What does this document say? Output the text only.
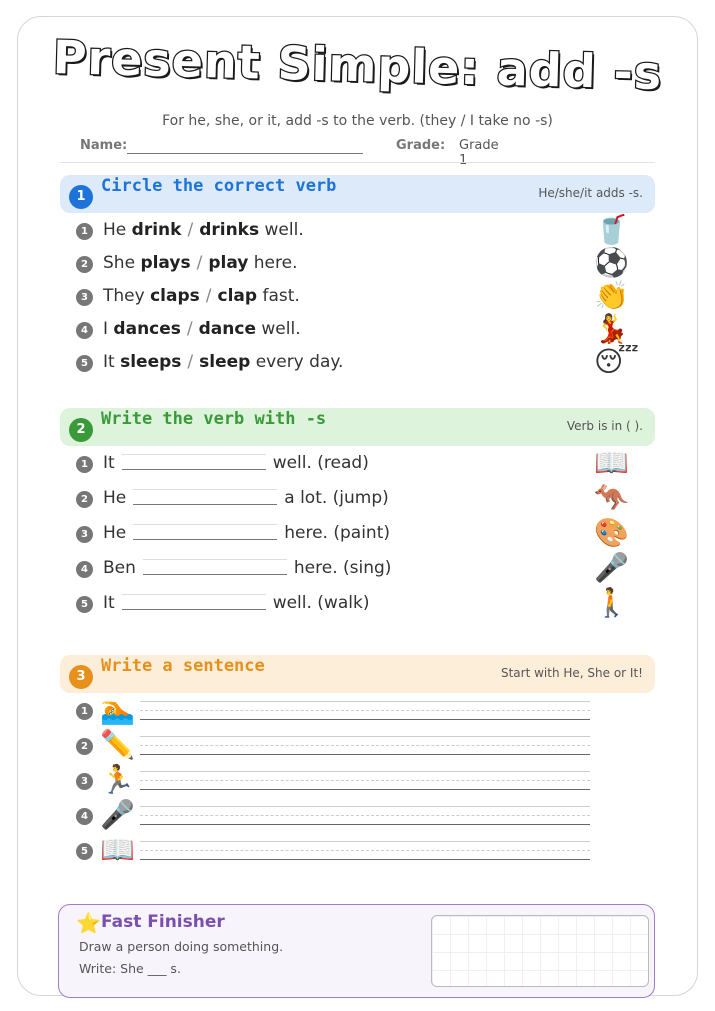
Present Simple: add -s
For he, she, or it, add -s to the verb. (they / I take no -s)
Name:	Grade: Grade 1
1
Circle the correct verb	He/she/it adds -s.
1 He drink / drinks well.	🥤
2 She plays / play here.	⚽
3 They claps / clap fast.	👏
4 I dances / dance well.	💃
5 It sleeps / sleep every day.	😴
2
Write the verb with -s	Verb is in ( ).
1 It	well. (read)	📖
2 He	a lot. (jump)	🦘
3 He	here. (paint)	🎨
4 Ben	here. (sing)	🎤
5 It	well. (walk)	🚶
3
Write a sentence	Start with He, She or It!
1 🏊
2 ✏️
3 🏃
4 🎤
5 📖
⭐ Fast Finisher
Draw a person doing something.
Write: She ___ s.
